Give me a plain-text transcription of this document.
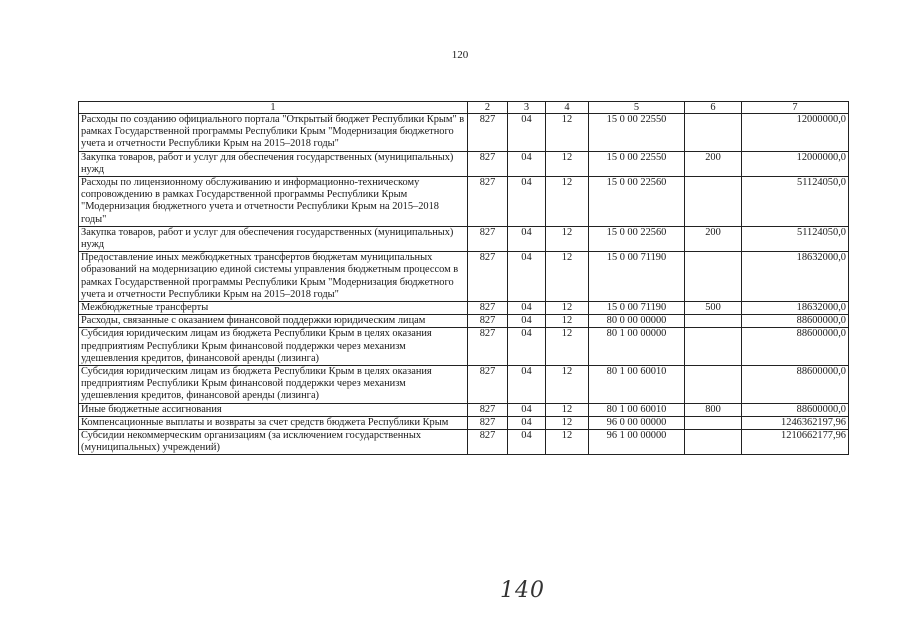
120
1	2	3	4	5	6	7
Расходы по созданию официального портала "Открытый бюджет Республики Крым" в рамках Государственной программы Республики Крым "Модернизация бюджетного учета и отчетности Республики Крым на 2015–2018 годы"	827	04	12	15 0 00 22550		12000000,0
Закупка товаров, работ и услуг для обеспечения государственных (муниципальных) нужд	827	04	12	15 0 00 22550	200	12000000,0
Расходы по лицензионному обслуживанию и информационно-техническому сопровождению в рамках Государственной программы Республики Крым "Модернизация бюджетного учета и отчетности Республики Крым на 2015–2018 годы"	827	04	12	15 0 00 22560		51124050,0
Закупка товаров, работ и услуг для обеспечения государственных (муниципальных) нужд	827	04	12	15 0 00 22560	200	51124050,0
Предоставление иных межбюджетных трансфертов бюджетам муниципальных образований на модернизацию единой системы управления бюджетным процессом в рамках Государственной программы Республики Крым "Модернизация бюджетного учета и отчетности Республики Крым на 2015–2018 годы"	827	04	12	15 0 00 71190		18632000,0
Межбюджетные трансферты	827	04	12	15 0 00 71190	500	18632000,0
Расходы, связанные с оказанием финансовой поддержки юридическим лицам	827	04	12	80 0 00 00000		88600000,0
Субсидия юридическим лицам из бюджета Республики Крым в целях оказания предприятиям Республики Крым финансовой поддержки через механизм удешевления кредитов, финансовой аренды (лизинга)	827	04	12	80 1 00 00000		88600000,0
Субсидия юридическим лицам из бюджета Республики Крым в целях оказания предприятиям Республики Крым финансовой поддержки через механизм удешевления кредитов, финансовой аренды (лизинга)	827	04	12	80 1 00 60010		88600000,0
Иные бюджетные ассигнования	827	04	12	80 1 00 60010	800	88600000,0
Компенсационные выплаты и возвраты за счет средств бюджета Республики Крым	827	04	12	96 0 00 00000		1246362197,96
Субсидии некоммерческим организациям (за исключением государственных (муниципальных) учреждений)	827	04	12	96 1 00 00000		1210662177,96
140
